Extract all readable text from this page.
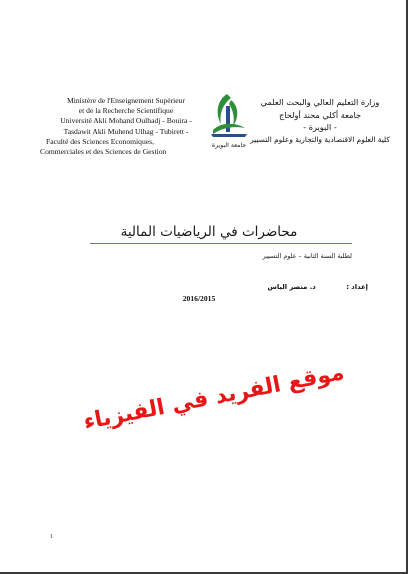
Ministère de l'Enseignement Supérieur
et de la Recherche Scientifique
Université Akli Mohand Oulhadj - Bouira -
Tasdawit Akli Muhend Ulhag - Tubirett -
Faculté des Sciences Economiques,
Commerciales et des Sciences de Gestion
جامعة البويرة
وزارة التعليم العالي والبحث العلمي
جامعة أكلي محند أولحاج
- البويرة -
كلية العلوم الاقتصادية والتجارية وعلوم التسيير
محاضرات في الرياضيات المالية
لطلبة السنة الثانية – علوم التسيير
إعداد : د. منصر الياس
2016/2015
موقع الفريد في الفيزياء
1
